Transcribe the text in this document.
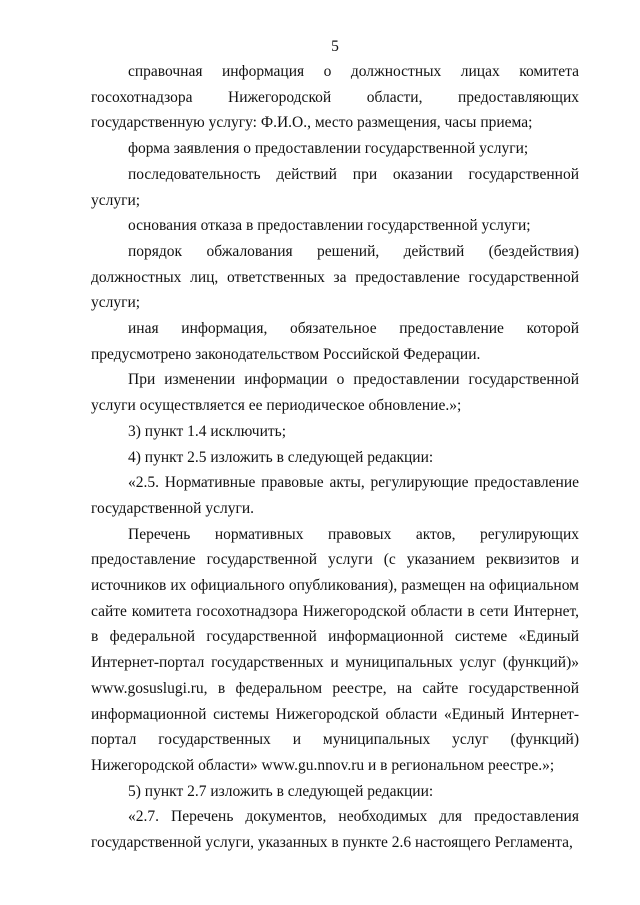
5

справочная информация о должностных лицах комитета госохотнадзора Нижегородской области, предоставляющих государственную услугу: Ф.И.О., место размещения, часы приема;

форма заявления о предоставлении государственной услуги;

последовательность действий при оказании государственной услуги;

основания отказа в предоставлении государственной услуги;

порядок обжалования решений, действий (бездействия) должностных лиц, ответственных за предоставление государственной услуги;

иная информация, обязательное предоставление которой предусмотрено законодательством Российской Федерации.

При изменении информации о предоставлении государственной услуги осуществляется ее периодическое обновление.»;

3) пункт 1.4 исключить;

4) пункт 2.5 изложить в следующей редакции:

«2.5. Нормативные правовые акты, регулирующие предоставление государственной услуги.

Перечень нормативных правовых актов, регулирующих предоставление государственной услуги (с указанием реквизитов и источников их официального опубликования), размещен на официальном сайте комитета госохотнадзора Нижегородской области в сети Интернет, в федеральной государственной информационной системе «Единый Интернет-портал государственных и муниципальных услуг (функций)» www.gosuslugi.ru, в федеральном реестре, на сайте государственной информационной системы Нижегородской области «Единый Интернет-портал государственных и муниципальных услуг (функций) Нижегородской области» www.gu.nnov.ru и в региональном реестре.»;

5) пункт 2.7 изложить в следующей редакции:

«2.7. Перечень документов, необходимых для предоставления государственной услуги, указанных в пункте 2.6 настоящего Регламента,
